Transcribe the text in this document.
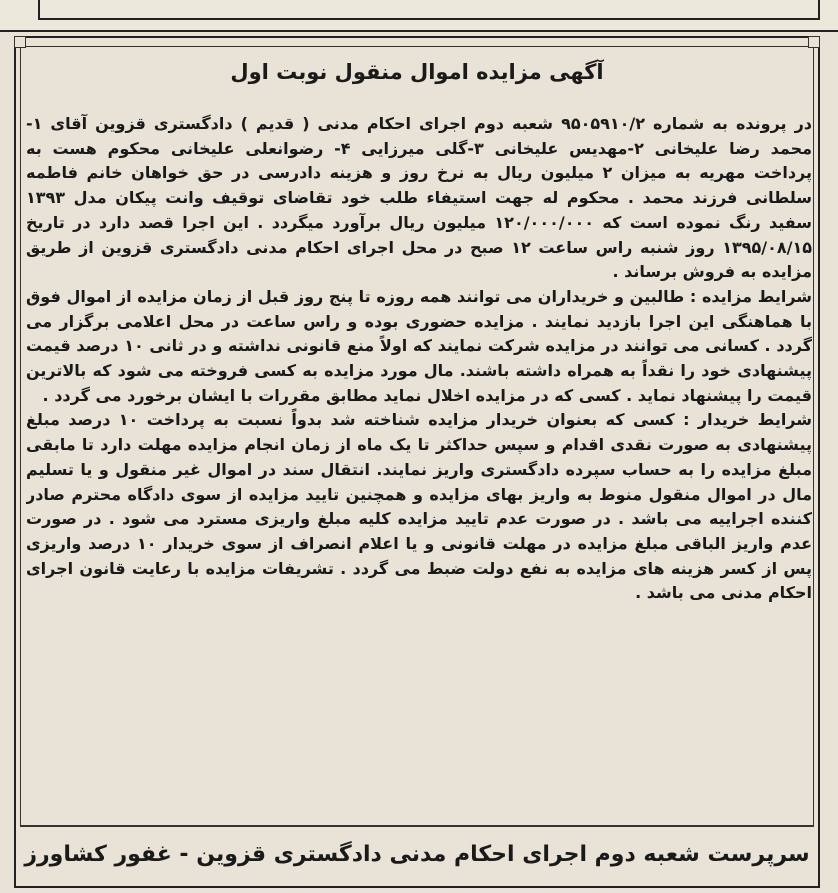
آگهی مزایده اموال منقول نوبت اول

در پرونده به شماره ۹۵۰۵۹۱۰/۲ شعبه دوم اجرای احکام مدنی ( قدیم ) دادگستری قزوین آقای ۱- محمد رضا علیخانی ۲-مهدیس علیخانی ۳-گلی میرزایی ۴- رضوانعلی علیخانی محکوم هست به پرداخت مهریه به میزان ۲ میلیون ریال به نرخ روز و هزینه دادرسی در حق خواهان خانم فاطمه سلطانی فرزند محمد . محکوم له جهت استیفاء طلب خود تقاضای توقیف وانت پیکان مدل ۱۳۹۳ سفید رنگ نموده است که ۱۲۰/۰۰۰/۰۰۰ میلیون ریال برآورد میگردد . این اجرا قصد دارد در تاریخ ۱۳۹۵/۰۸/۱۵ روز شنبه راس ساعت ۱۲ صبح در محل اجرای احکام مدنی دادگستری قزوین از طریق مزایده به فروش برساند .

شرایط مزایده : طالبین و خریداران می توانند همه روزه تا پنج روز قبل از زمان مزایده از اموال فوق با هماهنگی این اجرا بازدید نمایند . مزایده حضوری بوده و راس ساعت در محل اعلامی برگزار می گردد . کسانی می توانند در مزایده شرکت نمایند که اولاً منع قانونی نداشته و در ثانی ۱۰ درصد قیمت پیشنهادی خود را نقداً به همراه داشته باشند. مال مورد مزایده به کسی فروخته می شود که بالاترین قیمت را پیشنهاد نماید . کسی که در مزایده اخلال نماید مطابق مقررات با ایشان برخورد می گردد .

شرایط خریدار : کسی که بعنوان خریدار مزایده شناخته شد بدواً نسبت به پرداخت ۱۰ درصد مبلغ پیشنهادی به صورت نقدی اقدام و سپس حداکثر تا یک ماه از زمان انجام مزایده مهلت دارد تا مابقی مبلغ مزایده را به حساب سپرده دادگستری واریز نمایند. انتقال سند در اموال غیر منقول و یا تسلیم مال در اموال منقول منوط به واریز بهای مزایده و همچنین تایید مزایده از سوی دادگاه محترم صادر کننده اجراییه می باشد . در صورت عدم تایید مزایده کلیه مبلغ واریزی مسترد می شود . در صورت عدم واریز الباقی مبلغ مزایده در مهلت قانونی و یا اعلام انصراف از سوی خریدار ۱۰ درصد واریزی پس از کسر هزینه های مزایده به نفع دولت ضبط می گردد . تشریفات مزایده با رعایت قانون اجرای احکام مدنی می باشد .

سرپرست شعبه دوم اجرای احکام مدنی دادگستری قزوین - غفور کشاورز
